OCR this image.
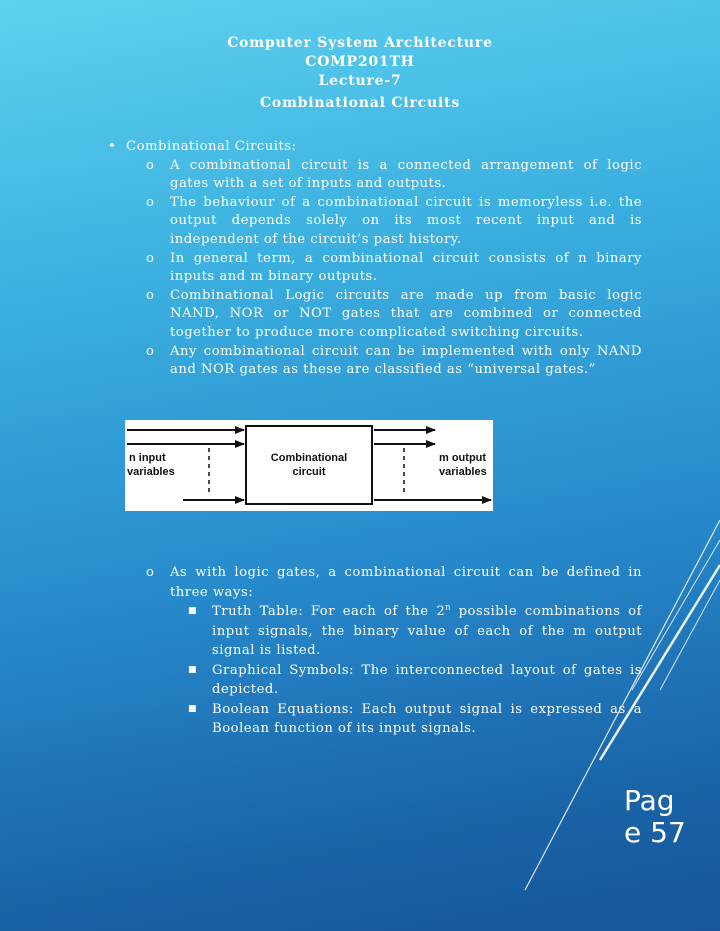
Computer System Architecture
COMP201TH
Lecture-7
Combinational Circuits
• Combinational Circuits:
o	A combinational circuit is a connected arrangement of logic gates with a set of inputs and outputs.
o	The behaviour of a combinational circuit is memoryless i.e. the output depends solely on its most recent input and is independent of the circuit’s past history.
o	In general term, a combinational circuit consists of n binary inputs and m binary outputs.
o	Combinational Logic circuits are made up from basic logic NAND, NOR or NOT gates that are combined or connected together to produce more complicated switching circuits.
o	Any combinational circuit can be implemented with only NAND and NOR gates as these are classified as “universal gates.”
n input
variables
Combinational
circuit
m output
variables
o	As with logic gates, a combinational circuit can be defined in three ways:
■	Truth Table: For each of the 2$^n$ possible combinations of input signals, the binary value of each of the m output signal is listed.
■	Graphical Symbols: The interconnected layout of gates is depicted.
■	Boolean Equations: Each output signal is expressed as a Boolean function of its input signals.
Pag
e 57
